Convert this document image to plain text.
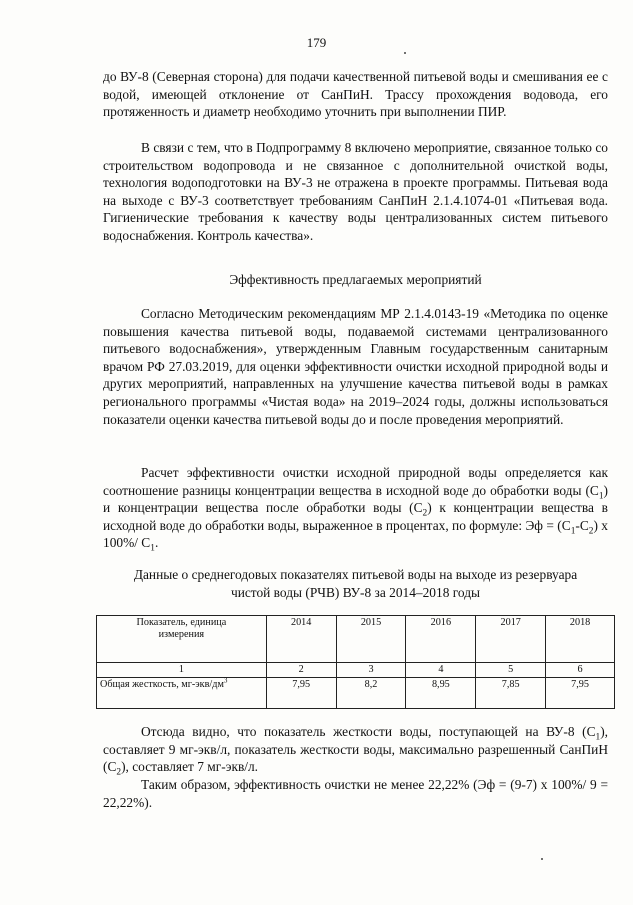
179

до ВУ-8 (Северная сторона) для подачи качественной питьевой воды и смешивания ее с водой, имеющей отклонение от СанПиН. Трассу прохождения водовода, его протяженность и диаметр необходимо уточнить при выполнении ПИР.

В связи с тем, что в Подпрограмму 8 включено мероприятие, связанное только со строительством водопровода и не связанное с дополнительной очисткой воды, технология водоподготовки на ВУ-3 не отражена в проекте программы. Питьевая вода на выходе с ВУ-3 соответствует требованиям СанПиН 2.1.4.1074-01 «Питьевая вода. Гигиенические требования к качеству воды централизованных систем питьевого водоснабжения. Контроль качества».

Эффективность предлагаемых мероприятий

Согласно Методическим рекомендациям МР 2.1.4.0143-19 «Методика по оценке повышения качества питьевой воды, подаваемой системами централизованного питьевого водоснабжения», утвержденным Главным государственным санитарным врачом РФ 27.03.2019, для оценки эффективности очистки исходной природной воды и других мероприятий, направленных на улучшение качества питьевой воды в рамках регионального программы «Чистая вода» на 2019–2024 годы, должны использоваться показатели оценки качества питьевой воды до и после проведения мероприятий.

Расчет эффективности очистки исходной природной воды определяется как соотношение разницы концентрации вещества в исходной воде до обработки воды $(С_1)$ и концентрации вещества после обработки воды $(С_2)$ к концентрации вещества в исходной воде до обработки воды, выраженное в процентах, по формуле: Эф = $(С_1-С_2)$ х 100%/ $С_1$.

Данные о среднегодовых показателях питьевой воды на выходе из резервуара
чистой воды (РЧВ) ВУ-8 за 2014–2018 годы
Показатель, единица измерения	2014	2015	2016	2017	2018
1	2	3	4	5	6
Общая жесткость, $мг-экв/дм^3$	7,95	8,2	8,95	7,85	7,95

Отсюда видно, что показатель жесткости воды, поступающей на ВУ-8 $(С_1)$, составляет 9 мг-экв/л, показатель жесткости воды, максимально разрешенный СанПиН $(С_2)$, составляет 7 мг-экв/л.

Таким образом, эффективность очистки не менее 22,22% (Эф = (9-7) х 100%/ 9 = 22,22%).
